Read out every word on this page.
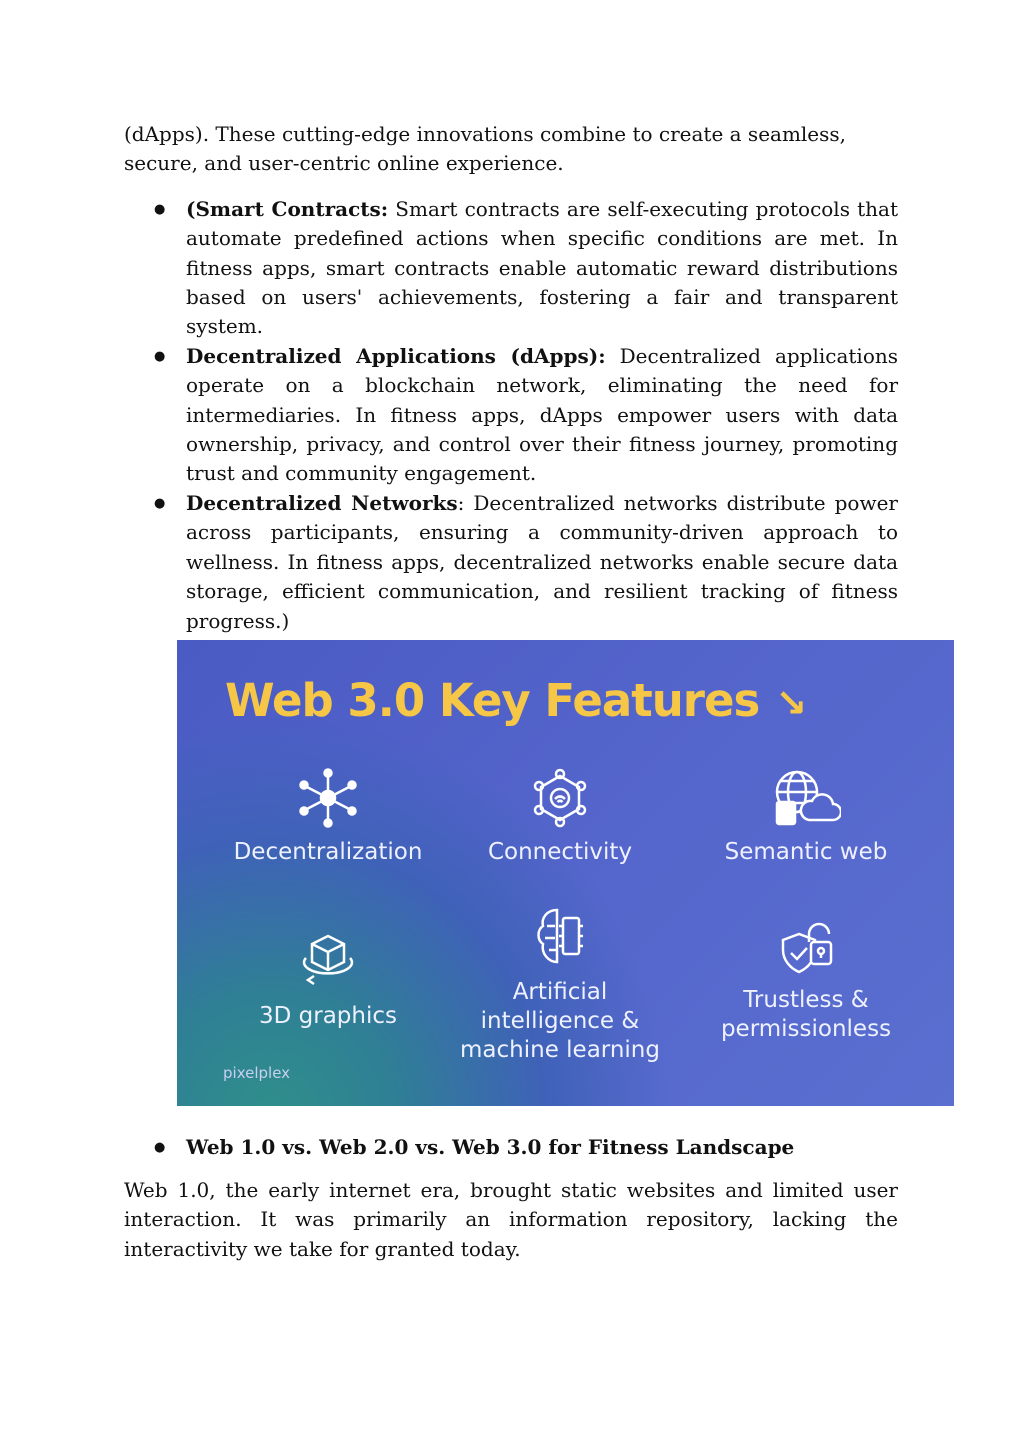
(dApps). These cutting-edge innovations combine to create a seamless, secure, and user-centric online experience.

● (Smart Contracts: Smart contracts are self-executing protocols that automate predefined actions when specific conditions are met. In fitness apps, smart contracts enable automatic reward distributions based on users' achievements, fostering a fair and transparent system.
● Decentralized Applications (dApps): Decentralized applications operate on a blockchain network, eliminating the need for intermediaries. In fitness apps, dApps empower users with data ownership, privacy, and control over their fitness journey, promoting trust and community engagement.
● Decentralized Networks: Decentralized networks distribute power across participants, ensuring a community-driven approach to wellness. In fitness apps, decentralized networks enable secure data storage, efficient communication, and resilient tracking of fitness progress.)
Web 3.0 Key Features ↘
Decentralization	Connectivity	Semantic web
3D graphics
Artificial intelligence & machine learning
Trustless & permissionless
pixelplex
● Web 1.0 vs. Web 2.0 vs. Web 3.0 for Fitness Landscape

Web 1.0, the early internet era, brought static websites and limited user interaction. It was primarily an information repository, lacking the interactivity we take for granted today.
